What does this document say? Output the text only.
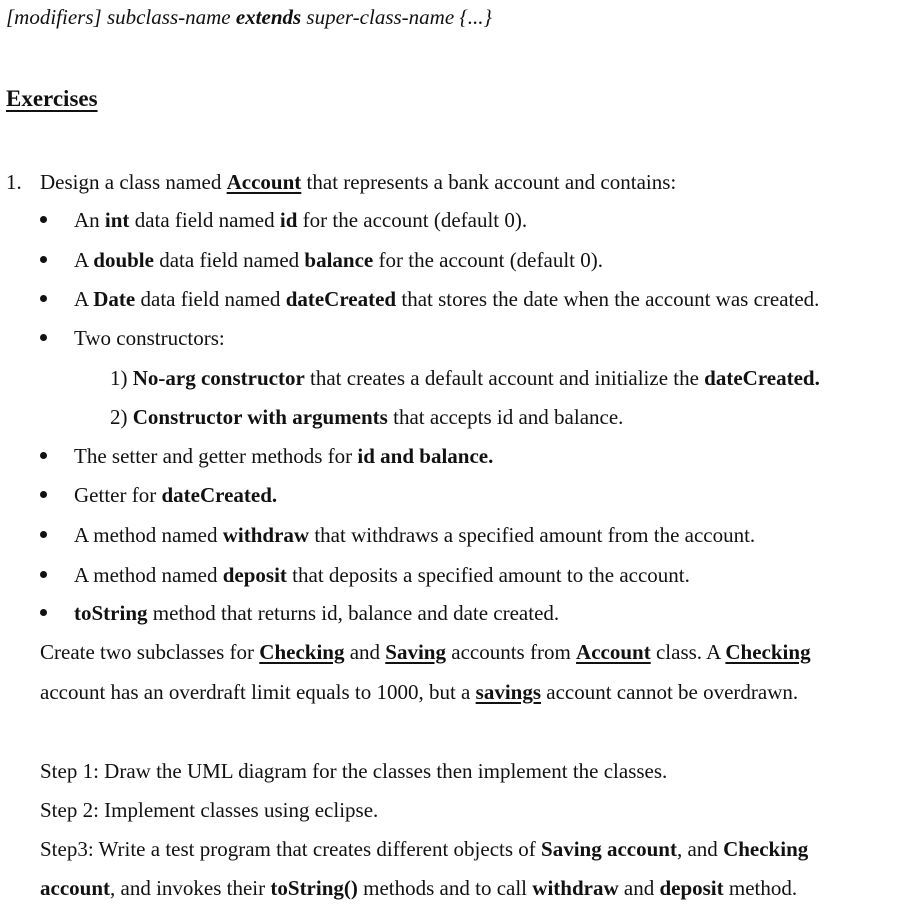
[modifiers] subclass-name extends super-class-name {...}
Exercises
1. Design a class named Account that represents a bank account and contains:
An int data field named id for the account (default 0).
A double data field named balance for the account (default 0).
A Date data field named dateCreated that stores the date when the account was created.
Two constructors:
1) No-arg constructor that creates a default account and initialize the dateCreated.
2) Constructor with arguments that accepts id and balance.
The setter and getter methods for id and balance.
Getter for dateCreated.
A method named withdraw that withdraws a specified amount from the account.
A method named deposit that deposits a specified amount to the account.
toString method that returns id, balance and date created.
Create two subclasses for Checking and Saving accounts from Account class. A Checking
account has an overdraft limit equals to 1000, but a savings account cannot be overdrawn.
Step 1: Draw the UML diagram for the classes then implement the classes.
Step 2: Implement classes using eclipse.
Step3: Write a test program that creates different objects of Saving account, and Checking
account, and invokes their toString() methods and to call withdraw and deposit method.
